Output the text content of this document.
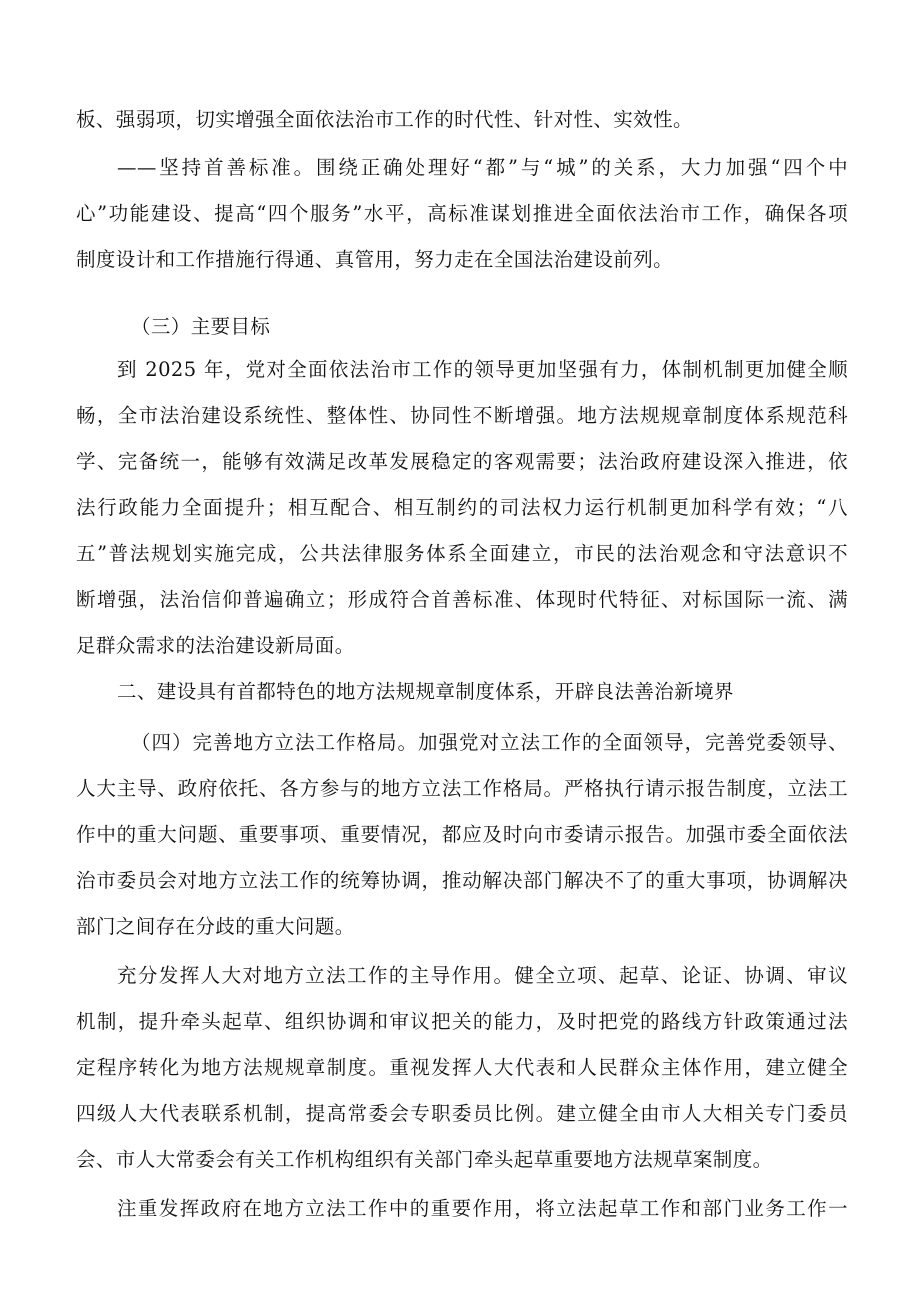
板、强弱项，切实增强全面依法治市工作的时代性、针对性、实效性。
——坚持首善标准。围绕正确处理好“都”与“城”的关系，大力加强“四个中
心”功能建设、提高“四个服务”水平，高标准谋划推进全面依法治市工作，确保各项
制度设计和工作措施行得通、真管用，努力走在全国法治建设前列。
（三）主要目标
到 2025 年，党对全面依法治市工作的领导更加坚强有力，体制机制更加健全顺
畅，全市法治建设系统性、整体性、协同性不断增强。地方法规规章制度体系规范科
学、完备统一，能够有效满足改革发展稳定的客观需要；法治政府建设深入推进，依
法行政能力全面提升；相互配合、相互制约的司法权力运行机制更加科学有效；“八
五”普法规划实施完成，公共法律服务体系全面建立，市民的法治观念和守法意识不
断增强，法治信仰普遍确立；形成符合首善标准、体现时代特征、对标国际一流、满
足群众需求的法治建设新局面。
二、建设具有首都特色的地方法规规章制度体系，开辟良法善治新境界
（四）完善地方立法工作格局。加强党对立法工作的全面领导，完善党委领导、
人大主导、政府依托、各方参与的地方立法工作格局。严格执行请示报告制度，立法工
作中的重大问题、重要事项、重要情况，都应及时向市委请示报告。加强市委全面依法
治市委员会对地方立法工作的统筹协调，推动解决部门解决不了的重大事项，协调解决
部门之间存在分歧的重大问题。
充分发挥人大对地方立法工作的主导作用。健全立项、起草、论证、协调、审议
机制，提升牵头起草、组织协调和审议把关的能力，及时把党的路线方针政策通过法
定程序转化为地方法规规章制度。重视发挥人大代表和人民群众主体作用，建立健全
四级人大代表联系机制，提高常委会专职委员比例。建立健全由市人大相关专门委员
会、市人大常委会有关工作机构组织有关部门牵头起草重要地方法规草案制度。
注重发挥政府在地方立法工作中的重要作用，将立法起草工作和部门业务工作一
